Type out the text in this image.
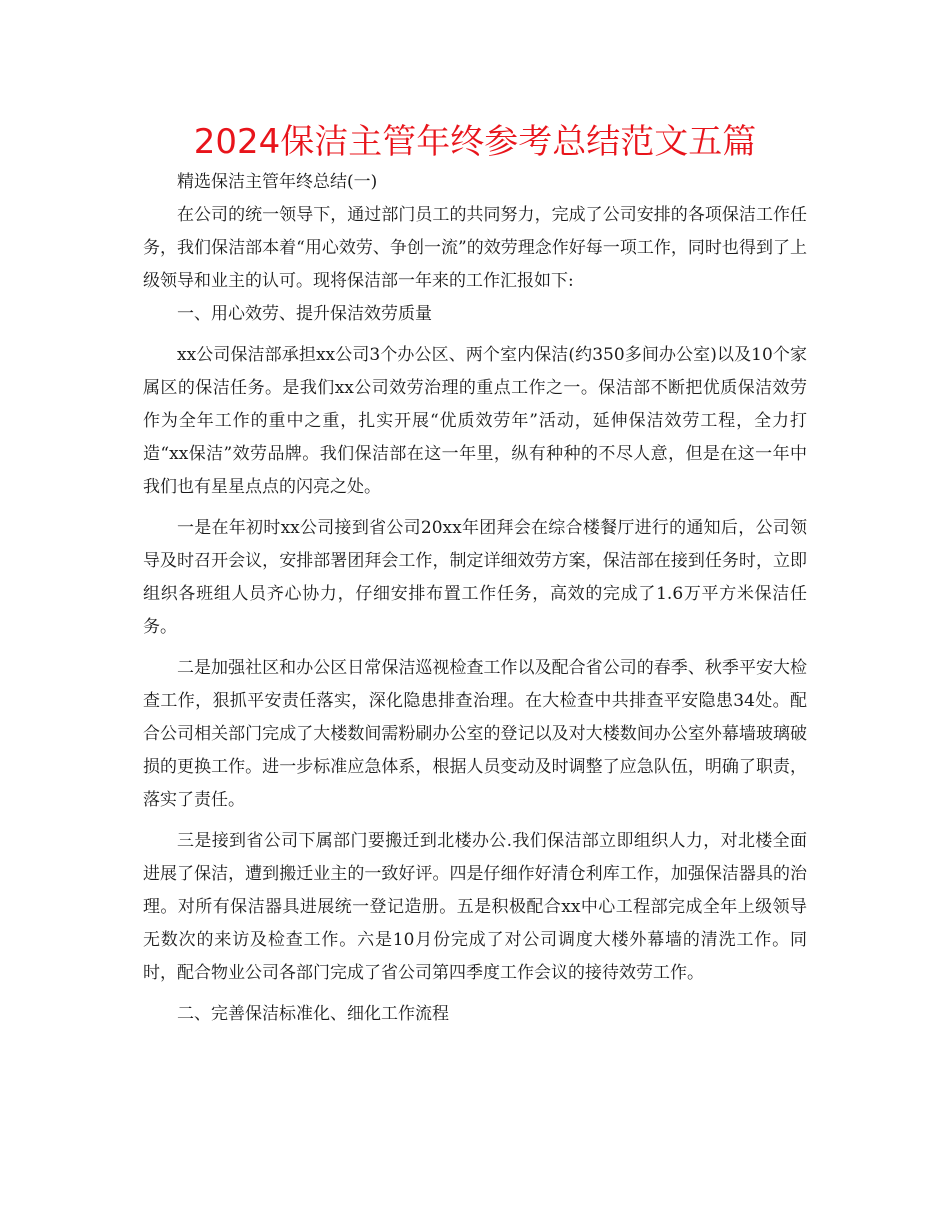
2024保洁主管年终参考总结范文五篇

精选保洁主管年终总结(一)

在公司的统一领导下，通过部门员工的共同努力，完成了公司安排的各项保洁工作任务，我们保洁部本着“用心效劳、争创一流”的效劳理念作好每一项工作，同时也得到了上级领导和业主的认可。现将保洁部一年来的工作汇报如下:

一、用心效劳、提升保洁效劳质量

xx公司保洁部承担xx公司3个办公区、两个室内保洁(约350多间办公室)以及10个家属区的保洁任务。是我们xx公司效劳治理的重点工作之一。保洁部不断把优质保洁效劳作为全年工作的重中之重，扎实开展“优质效劳年”活动，延伸保洁效劳工程，全力打造“xx保洁”效劳品牌。我们保洁部在这一年里，纵有种种的不尽人意，但是在这一年中我们也有星星点点的闪亮之处。

一是在年初时xx公司接到省公司20xx年团拜会在综合楼餐厅进行的通知后，公司领导及时召开会议，安排部署团拜会工作，制定详细效劳方案，保洁部在接到任务时，立即组织各班组人员齐心协力，仔细安排布置工作任务，高效的完成了1.6万平方米保洁任务。

二是加强社区和办公区日常保洁巡视检查工作以及配合省公司的春季、秋季平安大检查工作，狠抓平安责任落实，深化隐患排查治理。在大检查中共排查平安隐患34处。配合公司相关部门完成了大楼数间需粉刷办公室的登记以及对大楼数间办公室外幕墙玻璃破损的更换工作。进一步标准应急体系，根据人员变动及时调整了应急队伍，明确了职责，落实了责任。

三是接到省公司下属部门要搬迁到北楼办公.我们保洁部立即组织人力，对北楼全面进展了保洁，遭到搬迁业主的一致好评。四是仔细作好清仓利库工作，加强保洁器具的治理。对所有保洁器具进展统一登记造册。五是积极配合xx中心工程部完成全年上级领导无数次的来访及检查工作。六是10月份完成了对公司调度大楼外幕墙的清洗工作。同时，配合物业公司各部门完成了省公司第四季度工作会议的接待效劳工作。

二、完善保洁标准化、细化工作流程
